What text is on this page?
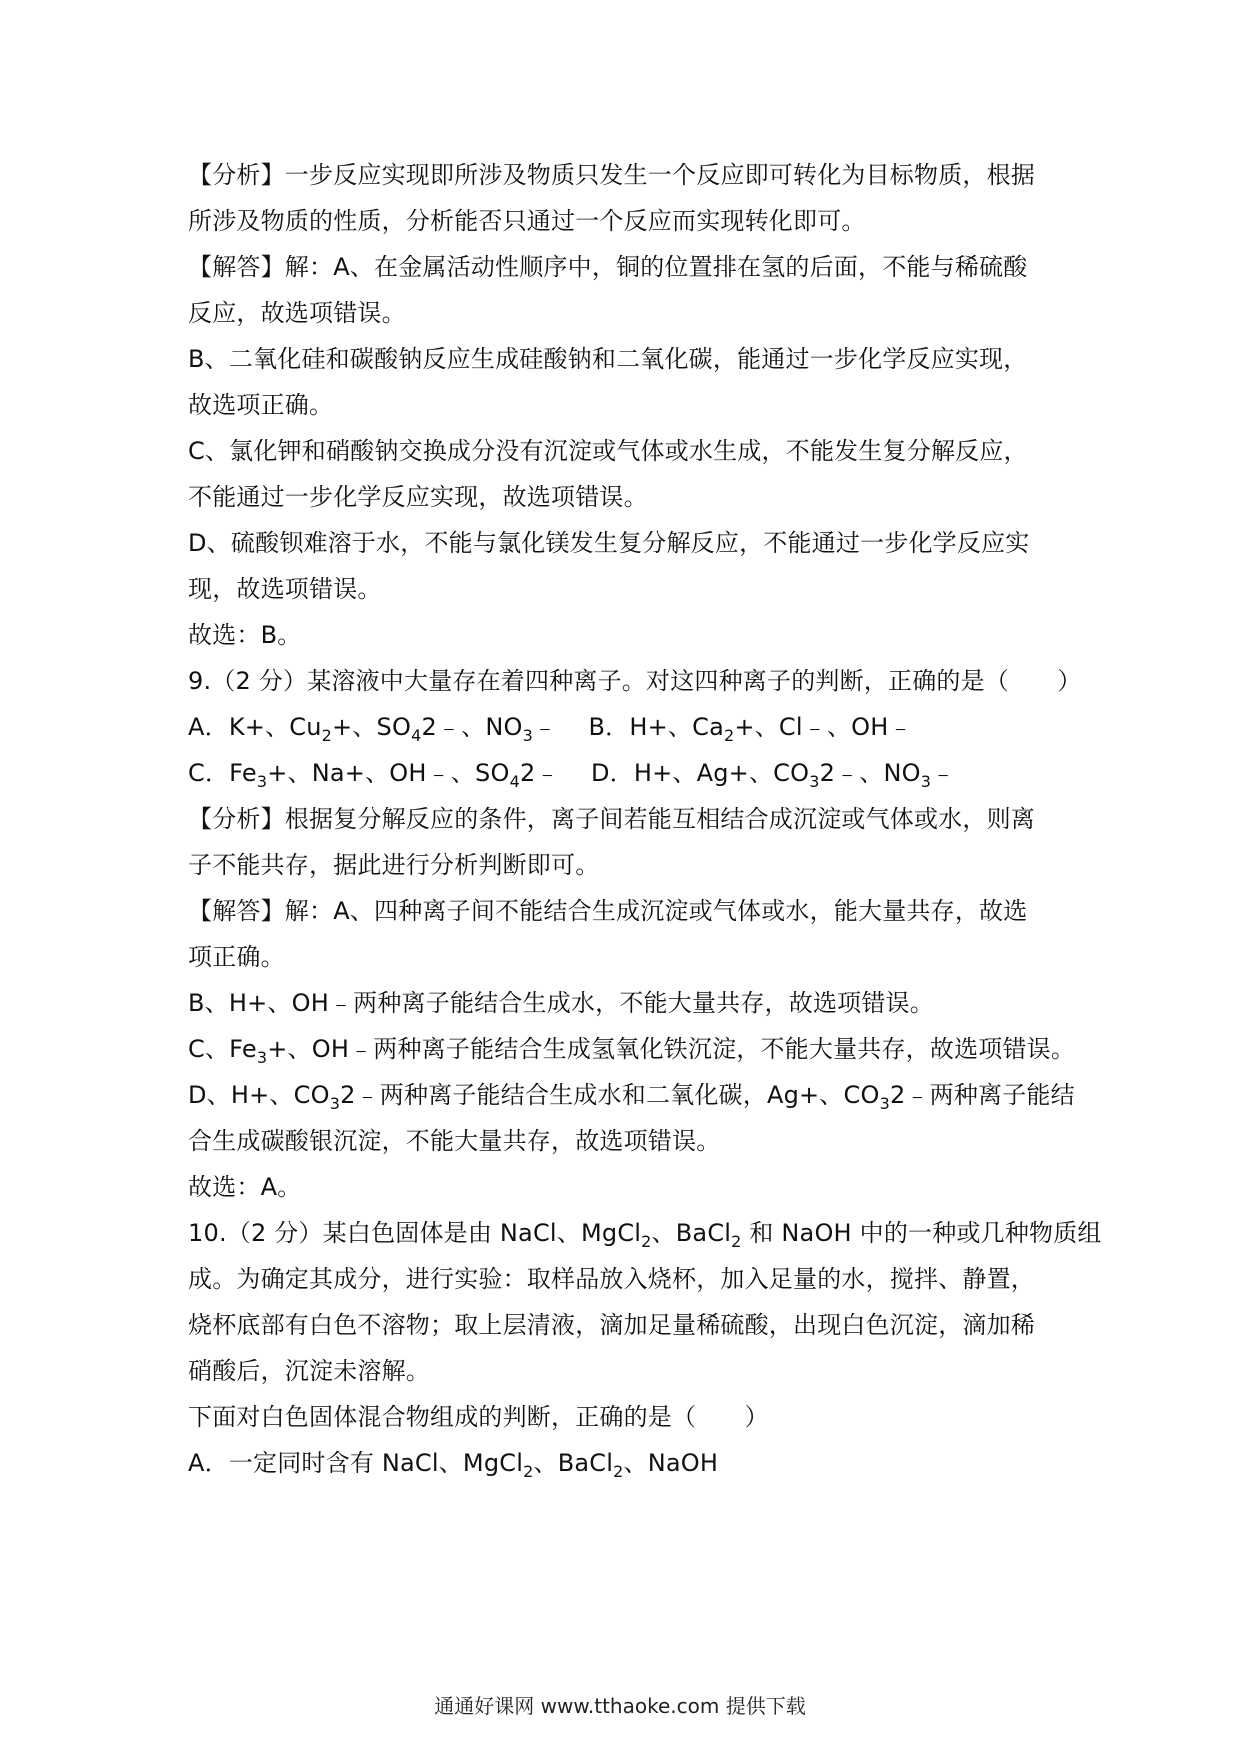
【分析】一步反应实现即所涉及物质只发生一个反应即可转化为目标物质，根据
所涉及物质的性质，分析能否只通过一个反应而实现转化即可。
【解答】解：A、在金属活动性顺序中，铜的位置排在氢的后面，不能与稀硫酸
反应，故选项错误。
B、二氧化硅和碳酸钠反应生成硅酸钠和二氧化碳，能通过一步化学反应实现，
故选项正确。
C、氯化钾和硝酸钠交换成分没有沉淀或气体或水生成，不能发生复分解反应，
不能通过一步化学反应实现，故选项错误。
D、硫酸钡难溶于水，不能与氯化镁发生复分解反应，不能通过一步化学反应实
现，故选项错误。
故选：B。
9.（2 分）某溶液中大量存在着四种离子。对这四种离子的判断，正确的是（　　）
A．K+、$Cu_2+$、$SO_42﹣$、$NO_3﹣$ B．H+、$Ca_2+$、Cl﹣、OH﹣
C．$Fe_3+$、Na+、OH﹣、$SO_42﹣$ D．H+、Ag+、$CO_32﹣$、$NO_3﹣$
【分析】根据复分解反应的条件，离子间若能互相结合成沉淀或气体或水，则离
子不能共存，据此进行分析判断即可。
【解答】解：A、四种离子间不能结合生成沉淀或气体或水，能大量共存，故选
项正确。
B、H+、OH﹣两种离子能结合生成水，不能大量共存，故选项错误。
C、$Fe_3+$、OH﹣两种离子能结合生成氢氧化铁沉淀，不能大量共存，故选项错误。
D、H+、$CO_32﹣$两种离子能结合生成水和二氧化碳，Ag+、$CO_32﹣$两种离子能结
合生成碳酸银沉淀，不能大量共存，故选项错误。
故选：A。
10.（2 分）某白色固体是由 NaCl、MgCl$_2$、BaCl$_2$ 和 NaOH 中的一种或几种物质组
成。为确定其成分，进行实验：取样品放入烧杯，加入足量的水，搅拌、静置，
烧杯底部有白色不溶物；取上层清液，滴加足量稀硫酸，出现白色沉淀，滴加稀
硝酸后，沉淀未溶解。
下面对白色固体混合物组成的判断，正确的是（　　）
A．一定同时含有 NaCl、MgCl$_2$、BaCl$_2$、NaOH
通通好课网 www.tthaoke.com 提供下载
